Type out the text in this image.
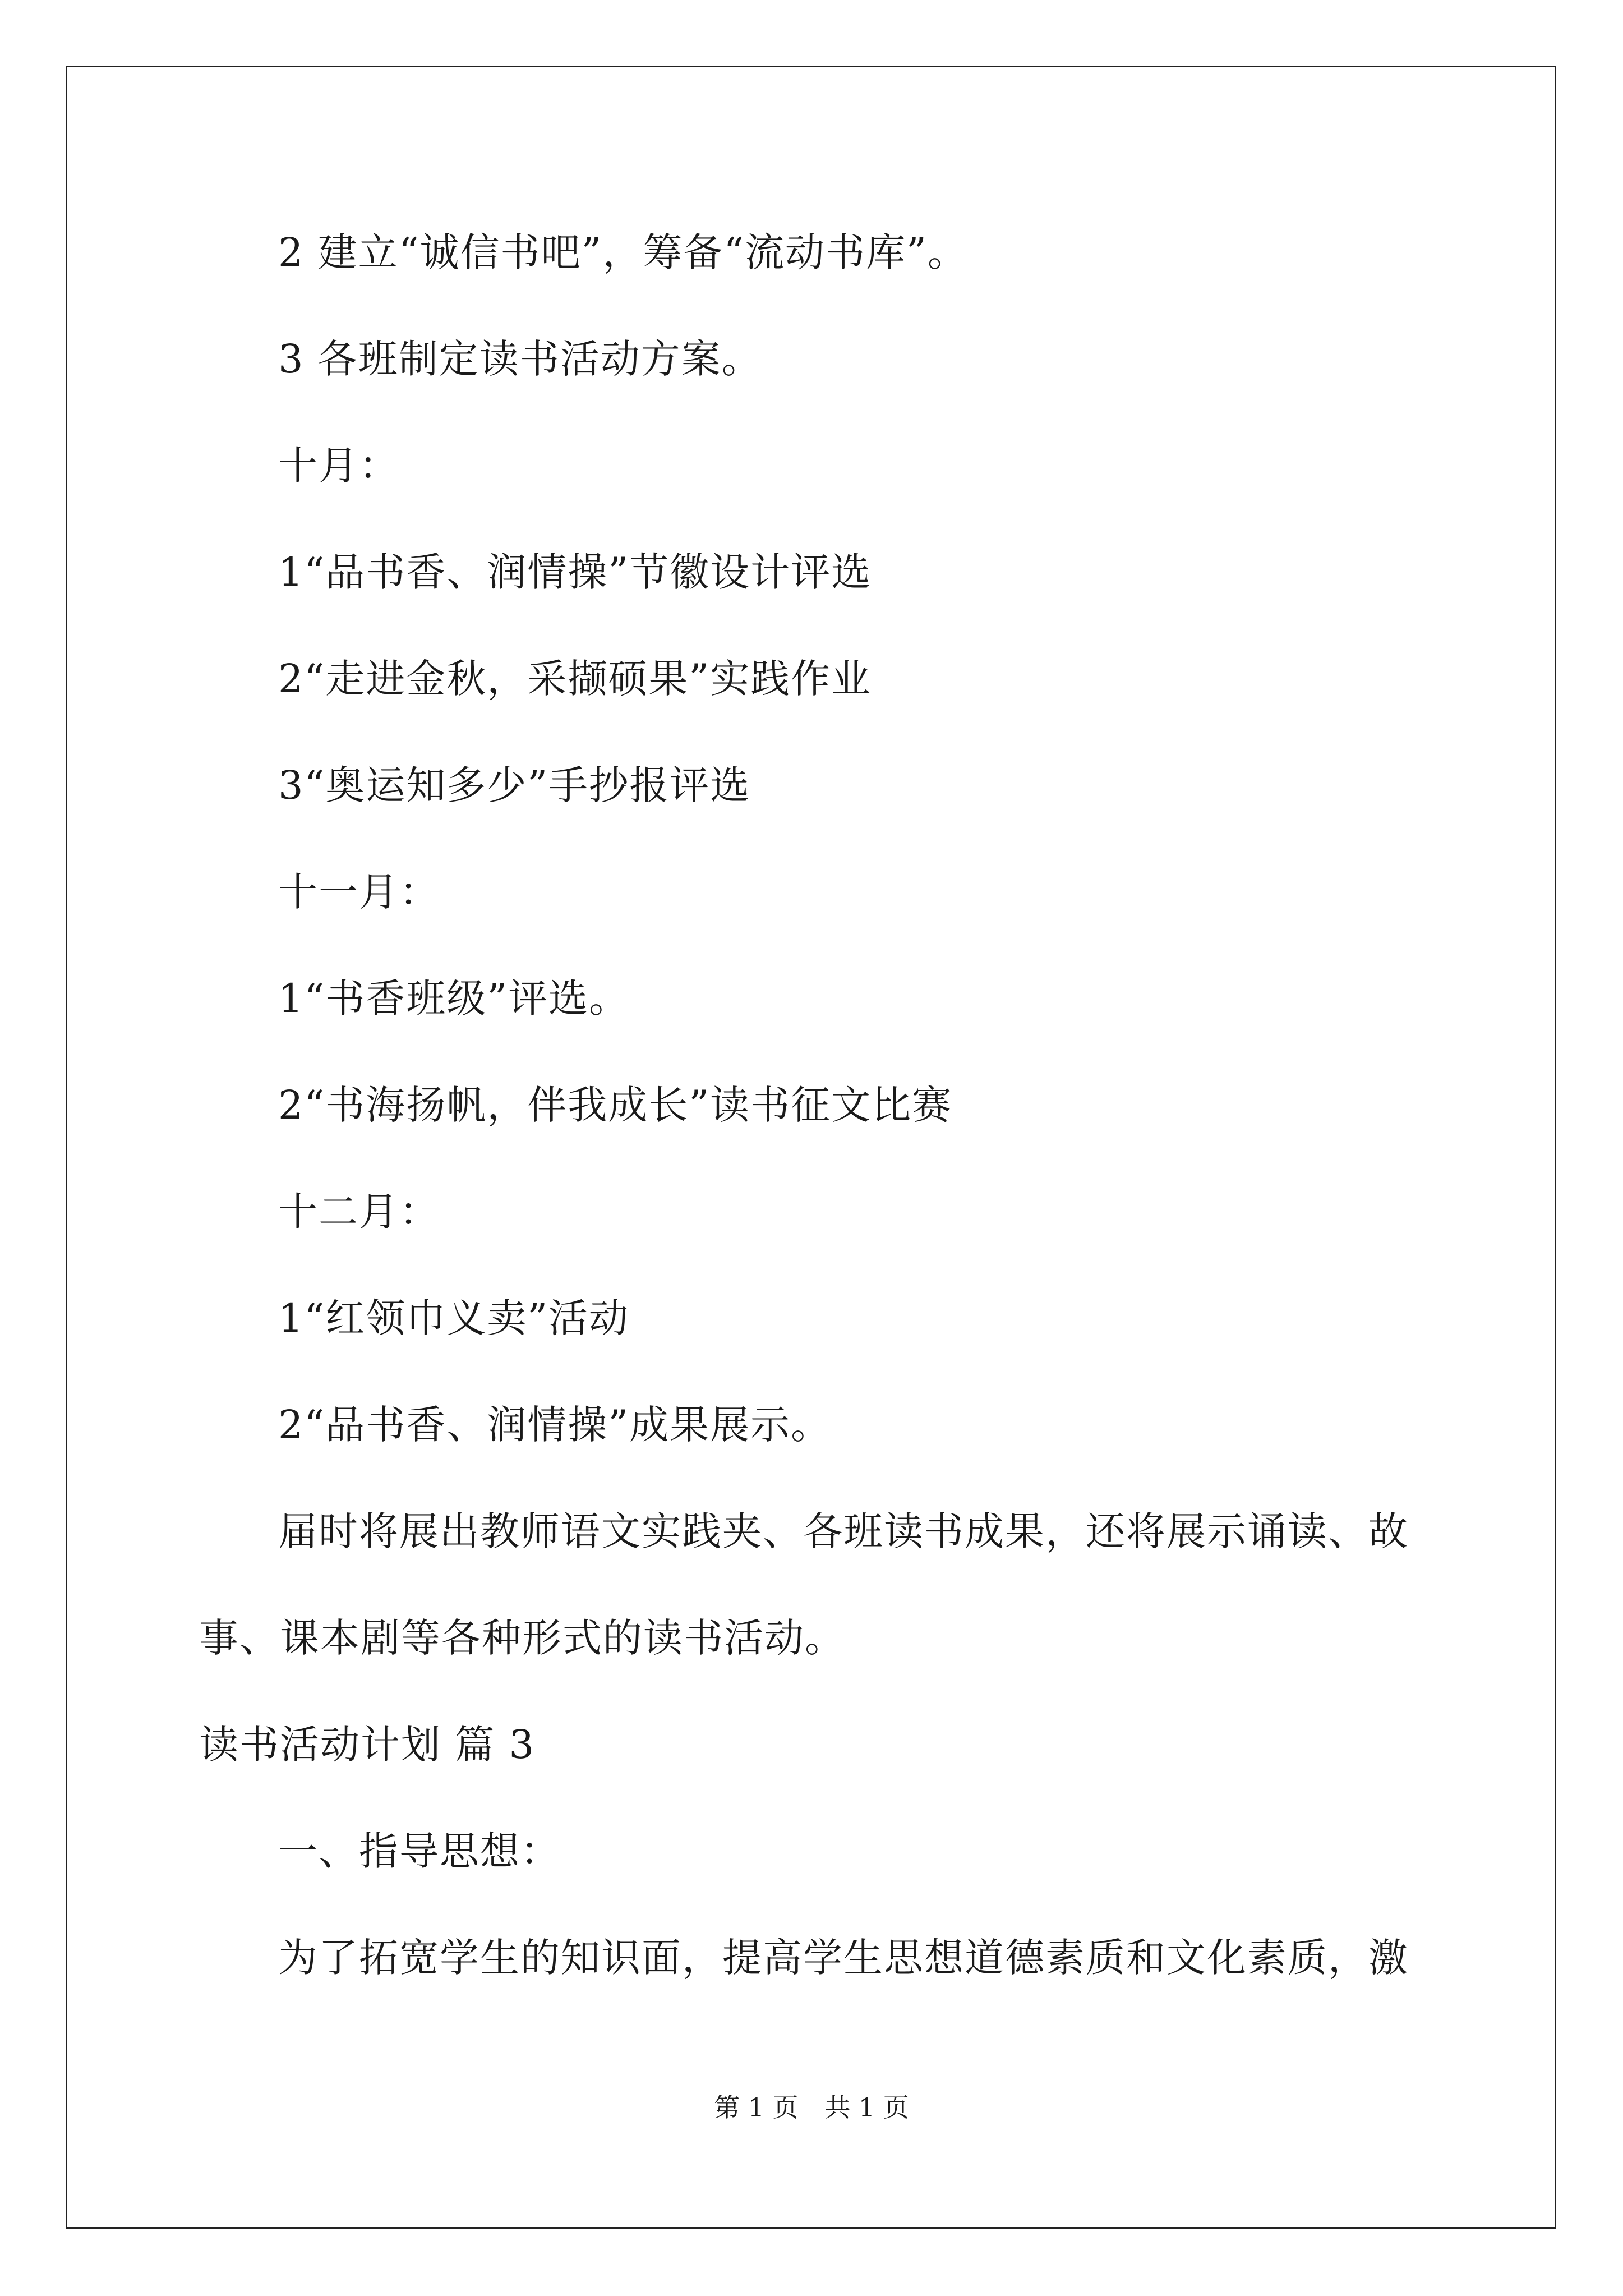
2 建立“诚信书吧”，筹备“流动书库”。
3 各班制定读书活动方案。
十月：
1“品书香、润情操”节徽设计评选
2“走进金秋，采撷硕果”实践作业
3“奥运知多少”手抄报评选
十一月：
1“书香班级”评选。
2“书海扬帆，伴我成长”读书征文比赛
十二月：
1“红领巾义卖”活动
2“品书香、润情操”成果展示。
届时将展出教师语文实践夹、各班读书成果，还将展示诵读、故
事、课本剧等各种形式的读书活动。
读书活动计划 篇 3
一、指导思想：
为了拓宽学生的知识面，提高学生思想道德素质和文化素质，激
第 1 页 共 1 页
